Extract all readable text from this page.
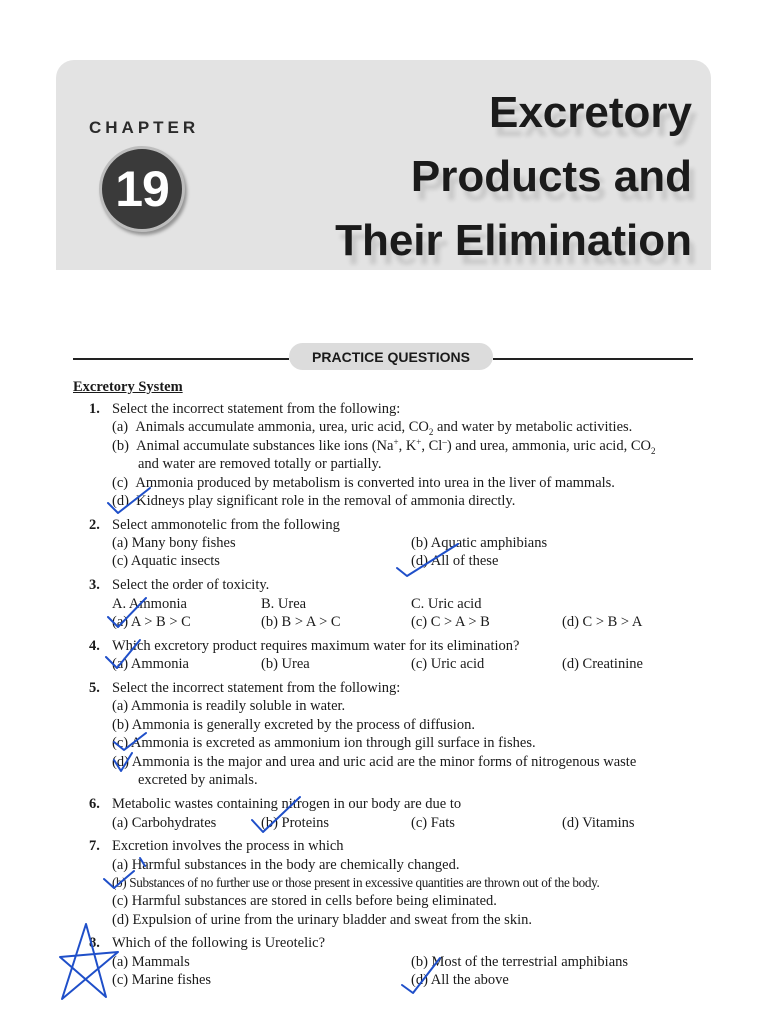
CHAPTER
19
Excretory
Products and
Their Elimination
PRACTICE QUESTIONS
Excretory System
1. Select the incorrect statement from the following:
(a) Animals accumulate ammonia, urea, uric acid, $CO_2$ and water by metabolic activities.
(b) Animal accumulate substances like ions (Na+, K+, Cl–) and urea, ammonia, uric acid, $CO_2$
and water are removed totally or partially.
(c) Ammonia produced by metabolism is converted into urea in the liver of mammals.
(d) Kidneys play significant role in the removal of ammonia directly.
2. Select ammonotelic from the following
(a) Many bony fishes	(b) Aquatic amphibians
(c) Aquatic insects	(d) All of these
3. Select the order of toxicity.
A. Ammonia	B. Urea	C. Uric acid
(a) A > B > C	(b) B > A > C	(c) C > A > B	(d) C > B > A
4. Which excretory product requires maximum water for its elimination?
(a) Ammonia	(b) Urea	(c) Uric acid	(d) Creatinine
5. Select the incorrect statement from the following:
(a) Ammonia is readily soluble in water.
(b) Ammonia is generally excreted by the process of diffusion.
(c) Ammonia is excreted as ammonium ion through gill surface in fishes.
(d) Ammonia is the major and urea and uric acid are the minor forms of nitrogenous waste
excreted by animals.
6. Metabolic wastes containing nitrogen in our body are due to
(a) Carbohydrates	(b) Proteins	(c) Fats	(d) Vitamins
7. Excretion involves the process in which
(a) Harmful substances in the body are chemically changed.
(b) Substances of no further use or those present in excessive quantities are thrown out of the body.
(c) Harmful substances are stored in cells before being eliminated.
(d) Expulsion of urine from the urinary bladder and sweat from the skin.
8. Which of the following is Ureotelic?
(a) Mammals	(b) Most of the terrestrial amphibians
(c) Marine fishes	(d) All the above
